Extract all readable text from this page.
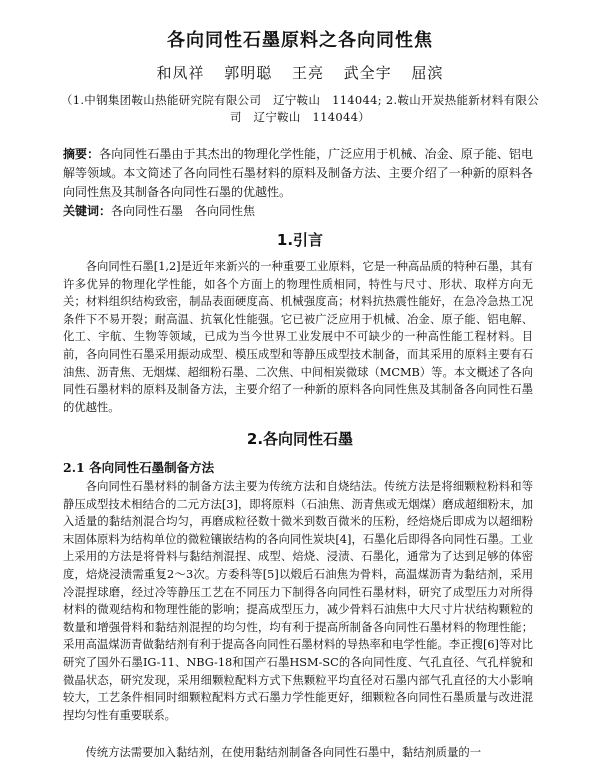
各向同性石墨原料之各向同性焦
和凤祥 郭明聪 王亮 武全宇 屈滨
（1.中钢集团鞍山热能研究院有限公司　辽宁鞍山　114044; 2.鞍山开炭热能新材料有限公司　辽宁鞍山　114044）
摘要：各向同性石墨由于其杰出的物理化学性能，广泛应用于机械、冶金、原子能、铝电解等领域。本文简述了各向同性石墨材料的原料及制备方法、主要介绍了一种新的原料各向同性焦及其制备各向同性石墨的优越性。
关键词：各向同性石墨　各向同性焦
1.引言
各向同性石墨[1,2]是近年来新兴的一种重要工业原料，它是一种高品质的特种石墨，其有许多优异的物理化学性能，如各个方面上的物理性质相同，特性与尺寸、形状、取样方向无关；材料组织结构致密，制品表面硬度高、机械强度高；材料抗热震性能好，在急冷急热工况条件下不易开裂；耐高温、抗氧化性能强。它已被广泛应用于机械、冶金、原子能、铝电解、化工、宇航、生物等领域，已成为当今世界工业发展中不可缺少的一种高性能工程材料。目前，各向同性石墨采用振动成型、模压成型和等静压成型技术制备，而其采用的原料主要有石油焦、沥青焦、无烟煤、超细粉石墨、二次焦、中间相炭微球（MCMB）等。本文概述了各向同性石墨材料的原料及制备方法，主要介绍了一种新的原料各向同性焦及其制备各向同性石墨的优越性。
2.各向同性石墨
2.1 各向同性石墨制备方法
各向同性石墨材料的制备方法主要为传统方法和自烧结法。传统方法是将细颗粒粉料和等静压成型技术相结合的二元方法[3]，即将原料（石油焦、沥青焦或无烟煤）磨成超细粉末，加入适量的黏结剂混合均匀，再磨成粒径数十微米到数百微米的压粉，经焙烧后即成为以超细粉末固体原料为结构单位的微粒镶嵌结构的各向同性炭块[4]，石墨化后即得各向同性石墨。工业上采用的方法是将骨料与黏结剂混捏、成型、焙烧、浸渍、石墨化，通常为了达到足够的体密度，焙烧浸渍需重复2～3次。方委科等[5]以煅后石油焦为骨料，高温煤沥青为黏结剂，采用冷混捏球磨，经过冷等静压工艺在不同压力下制得各向同性石墨材料，研究了成型压力对所得材料的微观结构和物理性能的影响；提高成型压力，减少骨料石油焦中大尺寸片状结构颗粒的数量和增强骨料和黏结剂混捏的均匀性，均有利于提高所制备各向同性石墨材料的物理性能；采用高温煤沥青做黏结剂有利于提高各向同性石墨材料的导热率和电学性能。李正搜[6]等对比研究了国外石墨IG-11、NBG-18和国产石墨HSM-SC的各向同性度、气孔直径、气孔样貌和微晶状态，研究发现，采用细颗粒配料方式下焦颗粒平均直径对石墨内部气孔直径的大小影响较大，工艺条件相同时细颗粒配料方式石墨力学性能更好，细颗粒各向同性石墨质量与改进混捏均匀性有重要联系。
传统方法需要加入黏结剂，在使用黏结剂制备各向同性石墨中，黏结剂质量的一
